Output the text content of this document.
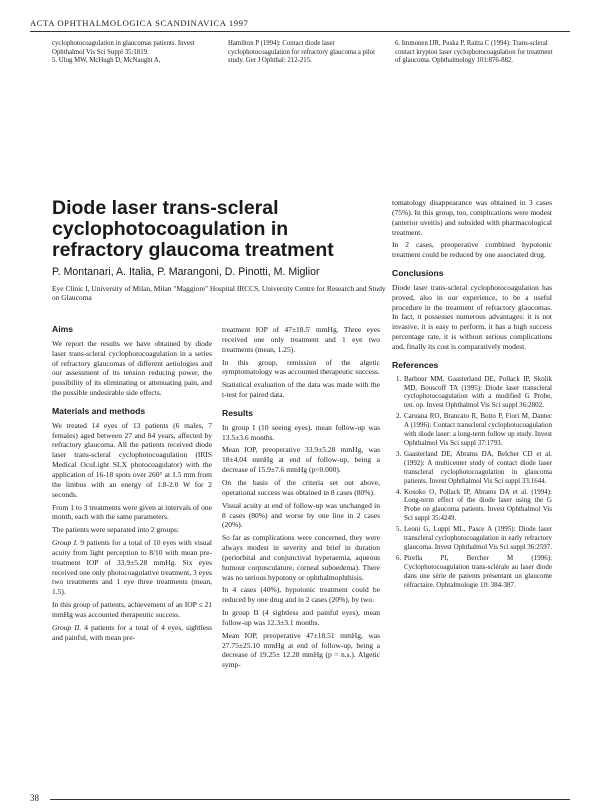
ACTA OPHTHALMOLOGICA SCANDINAVICA 1997

cyclophotocoagulation in glaucomas patients. Invest Ophthalmol Vis Sci Suppl 35:1819.

5. Ulug MW, McHugh D, McNaught A,

Hamilton P (1994): Contact diode laser cyclophotocoagulation for refractory glaucoma a pilot study. Ger J Ophthal: 212-215.

6. Immonen IJR, Puska P, Raitta C (1994): Trans-scleral contact krypton laser cyclophotocoagulation for treatment of glaucoma. Ophthalmology 101:876-882.

Diode laser trans-scleral cyclophotocoagulation in refractory glaucoma treatment
P. Montanari, A. Italia, P. Marangoni, D. Pinotti, M. Miglior
Eye Clinic I, University of Milan, Milan "Maggiore" Hospital IRCCS, University Centre for Research and Study on Glaucoma
Aims

We report the results we have obtained by diode laser trans-scleral cyclophotocoagulation in a series of refractory glaucomas of different aetiologies and our assessment of its tension reducing power, the possibility of its eliminating or attenuating pain, and the possible undesirable side effects.

Materials and methods

We treated 14 eyes of 13 patients (6 males, 7 females) aged between 27 and 84 years, affected by refractory glaucoma. All the patients received diode laser trans-scleral cyclophotocoagulation (IRIS Medical OcuLight SLX photocoagulator) with the application of 16-18 spots over 260° at 1.5 mm from the limbus with an energy of 1.8-2.0 W for 2 seconds.

From 1 to 3 treatments were given at intervals of one month, each with the same parameters.

The patients were separated into 2 groups:

Group I. 9 patients for a total of 10 eyes with visual acuity from light perception to 8/10 with mean pre-treatment IOP of 33.9±5.28 mmHg. Six eyes received one only photocoagulative treatment, 3 eyes two treatments and 1 eye three treatments (mean, 1.5).

In this group of patients, achievement of an IOP ≤ 21 mmHg was accounted therapeutic success.

Group II. 4 patients for a total of 4 eyes, sightless and painful, with mean pre-

treatment IOP of 47±18.5' mmHg. Three eyes received one only treatment and 1 eye two treatments (mean, 1.25).

In this group, remission of the algetic symptomatology was accounted therapeutic success.

Statistical evaluation of the data was made with the t-test for paired data.

Results

In group I (10 seeing eyes), mean follow-up was 13.5±3.6 months.

Mean IOP, preoperative 33.9±5.28 mmHg, was 18±4.04 mmHg at end of follow-up, being a decrease of 15.9±7.6 mmHg (p<0.000).

On the basis of the criteria set out above, operational success was obtained in 8 cases (80%).

Visual acuity at end of follow-up was unchanged in 8 cases (80%) and worse by one line in 2 cases (20%).

So far as complications were concerned, they were always modest in severity and brief in duration (periorbital and conjunctival hyperaemia, aqueous humour corpusculature, corneal suboedema). There was no serious hypotony or ophthalmophthisis.

In 4 cases (40%), hypotonic treatment could be reduced by one drug and in 2 cases (20%), by two.

In group II (4 sightless and painful eyes), mean follow-up was 12.3±3.1 months.

Mean IOP, preoperative 47±18.51 mmHg, was 27.75±25.10 mmHg at end of follow-up, being a decrease of 19.25± 12.28 mmHg (p = n.s.). Algetic symp-

tomatology disappearance was obtained in 3 cases (75%). In this group, too, complications were modest (anterior uveitis) and subsided with pharmacological treatment.

In 2 cases, preoperative combined hypotonic treatment could be reduced by one associated drug.

Conclusions

Diode laser trans-scleral cyclophotocoagulation has proved, also in our experience, to be a useful procedure in the treatment of refractory glaucomas. In fact, it possesses numerous advantages: it is not invasive, it is easy to perform, it has a high success percentage rate, it is without serious complications and, finally its cost is comparatively modest.

References
1. Barbour MM, Gaasterland DE, Pollack IP, Skolik MD, Bouscoff TA (1995): Diode laser transcleral cyclophotocoagulation with a modified G Probe, ten. op. Invest Ophthalmol Vis Sci suppl 36:2802.
2. Caruana RO, Brancato R, Botto P, Fiori M, Dantec A (1996): Contact transcleral cyclophotocoagulation with diode laser: a long-term follow up study. Invest Ophthalmol Vis Sci suppl 37:1793.
3. Gaasterland DE, Abrams DA, Belcher CD et al. (1992): A multicenter study of contact diode laser transcleral cyclophotocoagulation in glaucoma patients. Invest Ophthalmol Vis Sci suppl 33:1644.
4. Kosoko O, Pollack IP, Abrams DA et al. (1994): Long-term effect of the diode laser using the G Probe on glaucoma patients. Invest Ophthalmol Vis Sci suppl 35:4249.
5. Leoni G, Luppi ML, Pasce A (1995): Diode laser transcleral cyclophotocoagulation in early refractory glaucoma. Invest Ophthalmol Vis Sci suppl 36:2597.
6. Pirella PI, Bercher M (1996): Cyclophotocoagulation trans-sclérale au laser diode dans une série de patients présentant un glaucome réfractaire. Ophtalmologie 10: 384-387.
38
